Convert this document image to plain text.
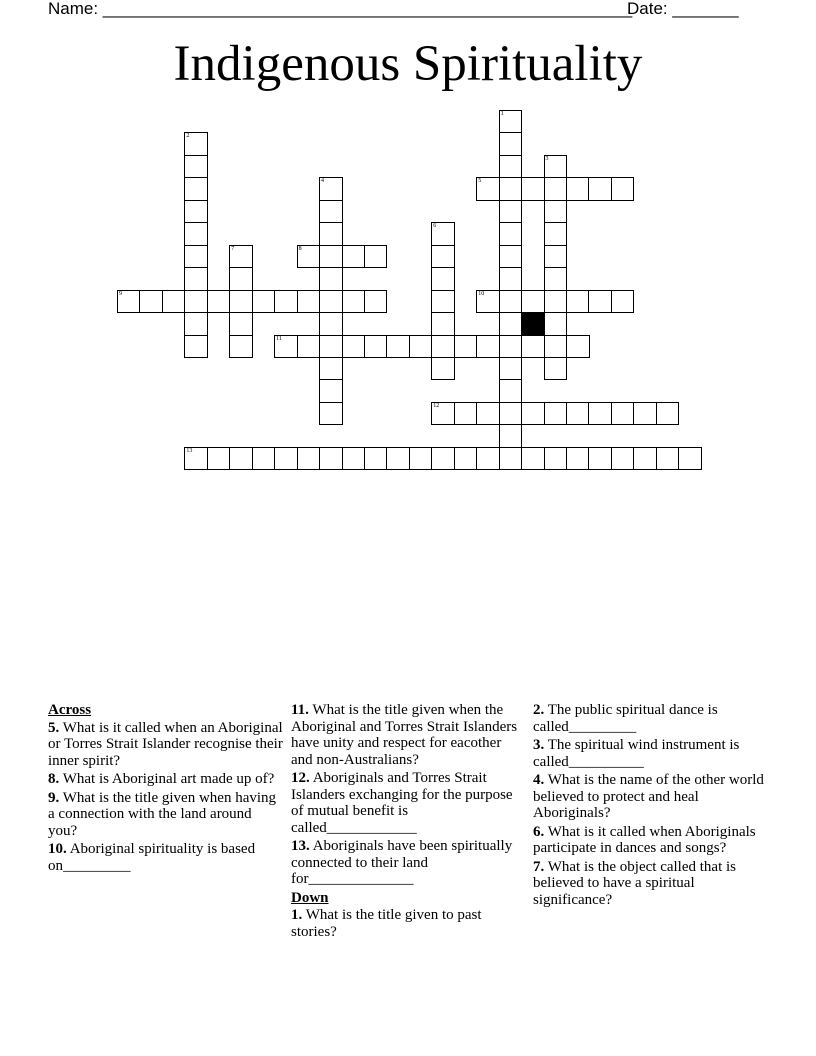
Name: ________________________________________________________
Date: _______
Indigenous Spirituality
1
2
3
4	5
6
7	8
9	10
11
12
13
Across
5. What is it called when an Aboriginal or Torres Strait Islander recognise their inner spirit?
8. What is Aboriginal art made up of?
9. What is the title given when having a connection with the land around you?
10. Aboriginal spirituality is based on_________
11. What is the title given when the Aboriginal and Torres Strait Islanders have unity and respect for eacother and non-Australians?
12. Aboriginals and Torres Strait Islanders exchanging for the purpose of mutual benefit is called____________
13. Aboriginals have been spiritually connected to their land for______________
Down
1. What is the title given to past stories?
2. The public spiritual dance is called_________
3. The spiritual wind instrument is called__________
4. What is the name of the other world believed to protect and heal Aboriginals?
6. What is it called when Aboriginals participate in dances and songs?
7. What is the object called that is believed to have a spiritual significance?
